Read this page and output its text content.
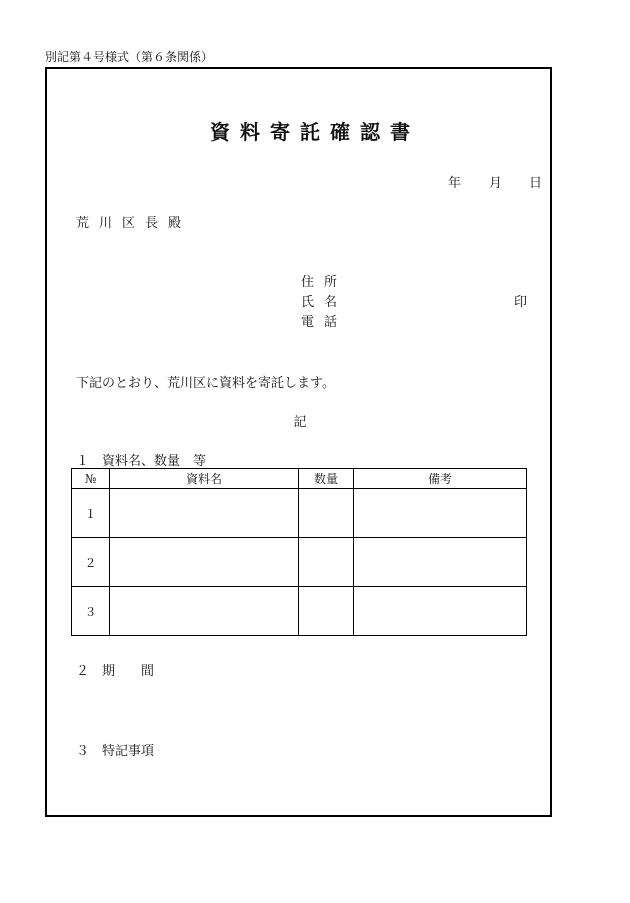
別記第４号様式（第６条関係）
資料寄託確認書
年 月 日
荒川区長殿
住所
氏名	印
電話
下記のとおり、荒川区に資料を寄託します。
記
１　資料名、数量　等
№	資料名	数量	備考
１			
２			
３			
２　期　　間
３　特記事項
